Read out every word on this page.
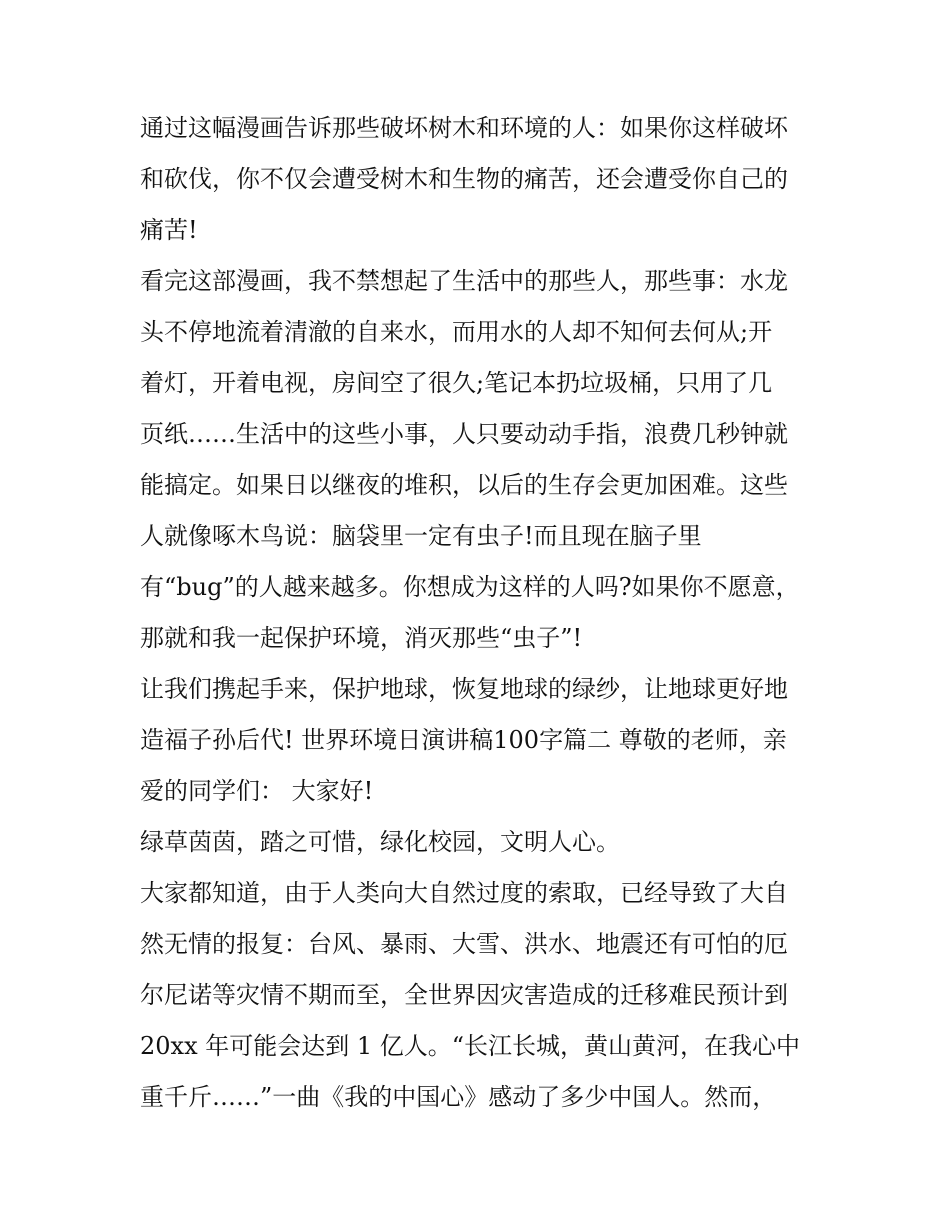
通过这幅漫画告诉那些破坏树木和环境的人：如果你这样破坏
和砍伐，你不仅会遭受树木和生物的痛苦，还会遭受你自己的
痛苦!
看完这部漫画，我不禁想起了生活中的那些人，那些事：水龙
头不停地流着清澈的自来水，而用水的人却不知何去何从;开
着灯，开着电视，房间空了很久;笔记本扔垃圾桶，只用了几
页纸……生活中的这些小事，人只要动动手指，浪费几秒钟就
能搞定。如果日以继夜的堆积，以后的生存会更加困难。这些
人就像啄木鸟说：脑袋里一定有虫子!而且现在脑子里
有“bug”的人越来越多。你想成为这样的人吗?如果你不愿意，
那就和我一起保护环境，消灭那些“虫子”!
让我们携起手来，保护地球，恢复地球的绿纱，让地球更好地
造福子孙后代! 世界环境日演讲稿100字篇二 尊敬的老师，亲
爱的同学们： 大家好!
绿草茵茵，踏之可惜，绿化校园，文明人心。
大家都知道，由于人类向大自然过度的索取，已经导致了大自
然无情的报复：台风、暴雨、大雪、洪水、地震还有可怕的厄
尔尼诺等灾情不期而至，全世界因灾害造成的迁移难民预计到
20xx 年可能会达到 1 亿人。“长江长城，黄山黄河，在我心中
重千斤……”一曲《我的中国心》感动了多少中国人。然而，
